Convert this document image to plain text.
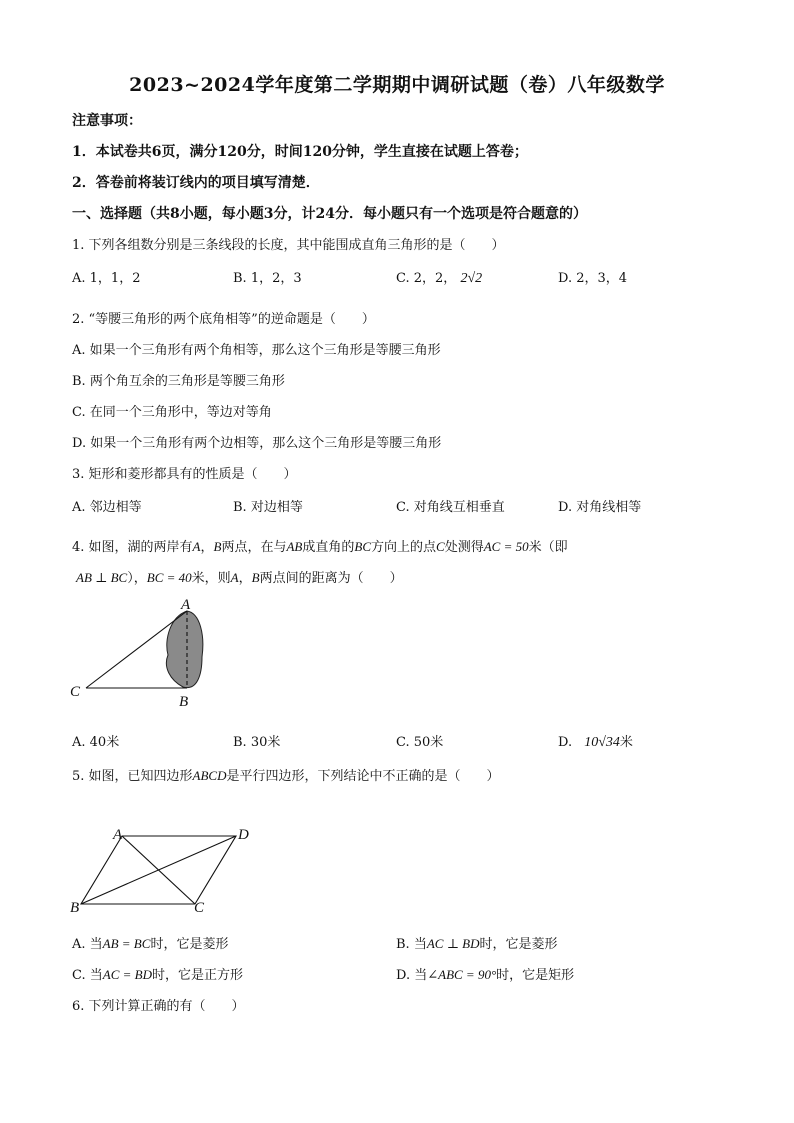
2023~2024学年度第二学期期中调研试题（卷）八年级数学
注意事项：
1．本试卷共6页，满分120分，时间120分钟，学生直接在试题上答卷；
2．答卷前将装订线内的项目填写清楚．
一、选择题（共8小题，每小题3分，计24分．每小题只有一个选项是符合题意的）
1. 下列各组数分别是三条线段的长度，其中能围成直角三角形的是（　　）
A. 1，1，2	B. 1，2，3	C. 2，2， 2√2	D. 2，3，4
2. “等腰三角形的两个底角相等”的逆命题是（　　）
A. 如果一个三角形有两个角相等，那么这个三角形是等腰三角形
B. 两个角互余的三角形是等腰三角形
C. 在同一个三角形中，等边对等角
D. 如果一个三角形有两个边相等，那么这个三角形是等腰三角形
3. 矩形和菱形都具有的性质是（　　）
A. 邻边相等	B. 对边相等	C. 对角线互相垂直	D. 对角线相等
4. 如图，湖的两岸有A，B两点，在与AB成直角的BC方向上的点C处测得AC = 50米（即
AB ⊥ BC），BC = 40米，则A，B两点间的距离为（　　）
A
B
C
A. 40米	B. 30米	C. 50米	D. 10√34米
5. 如图，已知四边形ABCD是平行四边形，下列结论中不正确的是（　　）
A	D
B	C
A. 当AB = BC时，它是菱形	B. 当AC ⊥ BD时，它是菱形
C. 当AC = BD时，它是正方形	D. 当∠ABC = 90°时，它是矩形
6. 下列计算正确的有（　　）
